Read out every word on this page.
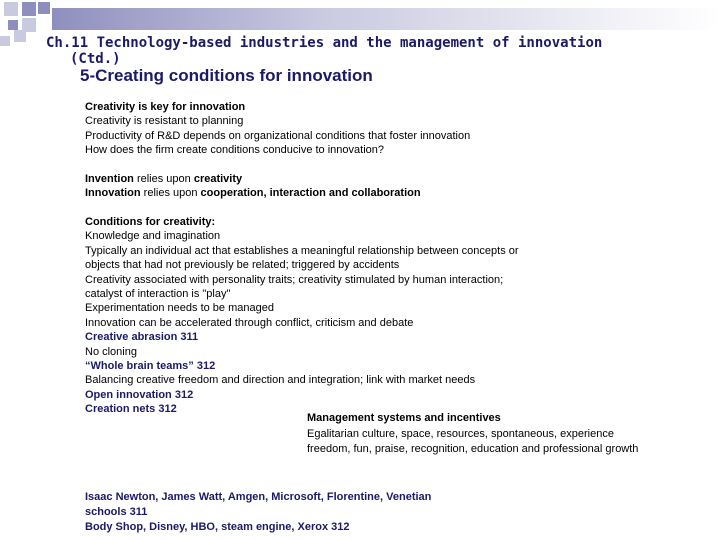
Ch.11 Technology-based industries and the management of innovation
(Ctd.)
5-Creating conditions for innovation
Creativity is key for innovation
Creativity is resistant to planning
Productivity of R&D depends on organizational conditions that foster innovation
How does the firm create conditions conducive to innovation?
Invention relies upon creativity
Innovation relies upon cooperation, interaction and collaboration
Conditions for creativity:
Knowledge and imagination
Typically an individual act that establishes a meaningful relationship between concepts or
objects that had not previously be related; triggered by accidents
Creativity associated with personality traits; creativity stimulated by human interaction;
catalyst of interaction is "play"
Experimentation needs to be managed
Innovation can be accelerated through conflict, criticism and debate
Creative abrasion 311
No cloning
“Whole brain teams” 312
Balancing creative freedom and direction and integration; link with market needs
Open innovation 312
Creation nets 312
Management systems and incentives
Egalitarian culture, space, resources, spontaneous, experience
freedom, fun, praise, recognition, education and professional growth
Isaac Newton, James Watt, Amgen, Microsoft, Florentine, Venetian
schools 311
Body Shop, Disney, HBO, steam engine, Xerox 312
